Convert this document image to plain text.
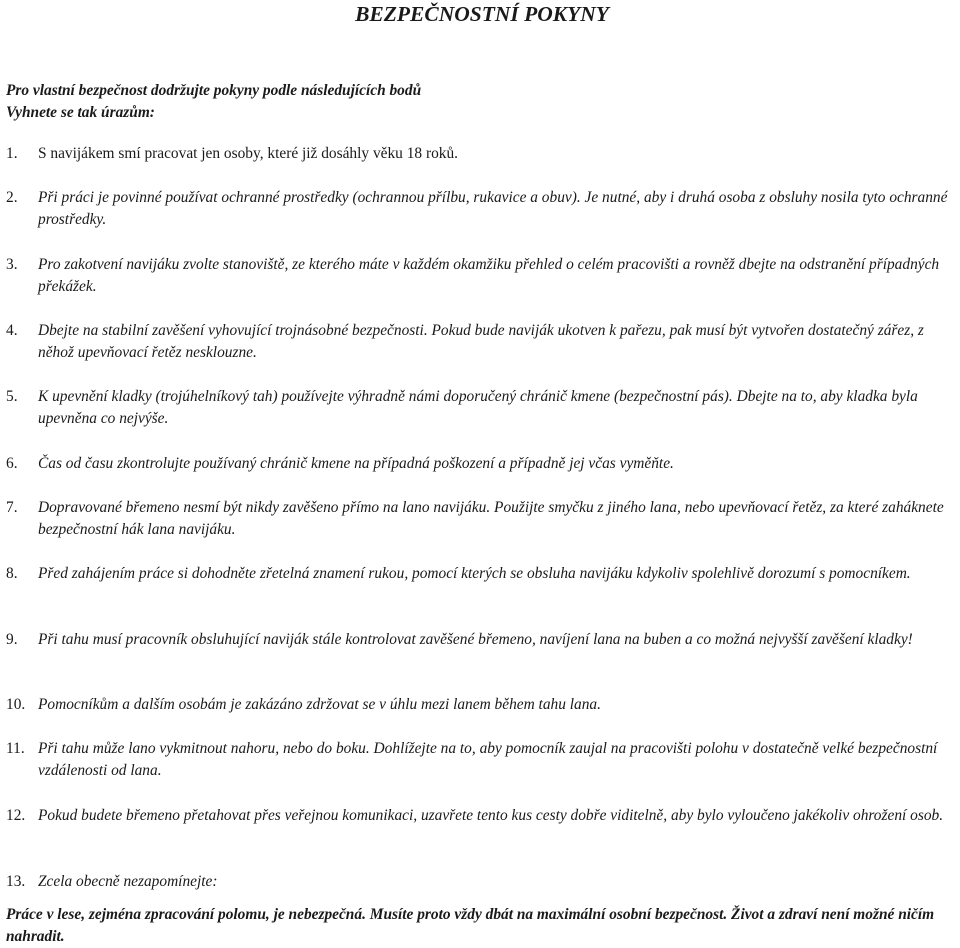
BEZPEČNOSTNÍ POKYNY
Pro vlastní bezpečnost dodržujte pokyny podle následujících bodů
Vyhnete se tak úrazům:
1.	S navijákem smí pracovat jen osoby, které již dosáhly věku 18 roků.
2.	Při práci je povinné používat ochranné prostředky (ochrannou přílbu, rukavice a obuv). Je nutné, aby i druhá osoba z obsluhy nosila tyto ochranné prostředky.
3.	Pro zakotvení navijáku zvolte stanoviště, ze kterého máte v každém okamžiku přehled o celém pracovišti a rovněž dbejte na odstranění případných překážek.
4.	Dbejte na stabilní zavěšení vyhovující trojnásobné bezpečnosti. Pokud bude naviják ukotven k pařezu, pak musí být vytvořen dostatečný zářez, z něhož upevňovací řetěz nesklouzne.
5.	K upevnění kladky (trojúhelníkový tah) používejte výhradně námi doporučený chránič kmene (bezpečnostní pás). Dbejte na to, aby kladka byla upevněna co nejvýše.
6.	Čas od času zkontrolujte používaný chránič kmene na případná poškození a případně jej včas vyměňte.
7.	Dopravované břemeno nesmí být nikdy zavěšeno přímo na lano navijáku. Použijte smyčku z jiného lana, nebo upevňovací řetěz, za které zaháknete bezpečnostní hák lana navijáku.
8.	Před zahájením práce si dohodněte zřetelná znamení rukou, pomocí kterých se obsluha navijáku kdykoliv spolehlivě dorozumí s pomocníkem.
9.	Při tahu musí pracovník obsluhující naviják stále kontrolovat zavěšené břemeno, navíjení lana na buben a co možná nejvyšší zavěšení kladky!
10. Pomocníkům a dalším osobám je zakázáno zdržovat se v úhlu mezi lanem během tahu lana.
11. Při tahu může lano vykmitnout nahoru, nebo do boku. Dohlížejte na to, aby pomocník zaujal na pracovišti polohu v dostatečně velké bezpečnostní vzdálenosti od lana.
12. Pokud budete břemeno přetahovat přes veřejnou komunikaci, uzavřete tento kus cesty dobře viditelně, aby bylo vyloučeno jakékoliv ohrožení osob.
13. Zcela obecně nezapomínejte:

Práce v lese, zejména zpracování polomu, je nebezpečná. Musíte proto vždy dbát na maximální osobní bezpečnost. Život a zdraví není možné ničím nahradit.
